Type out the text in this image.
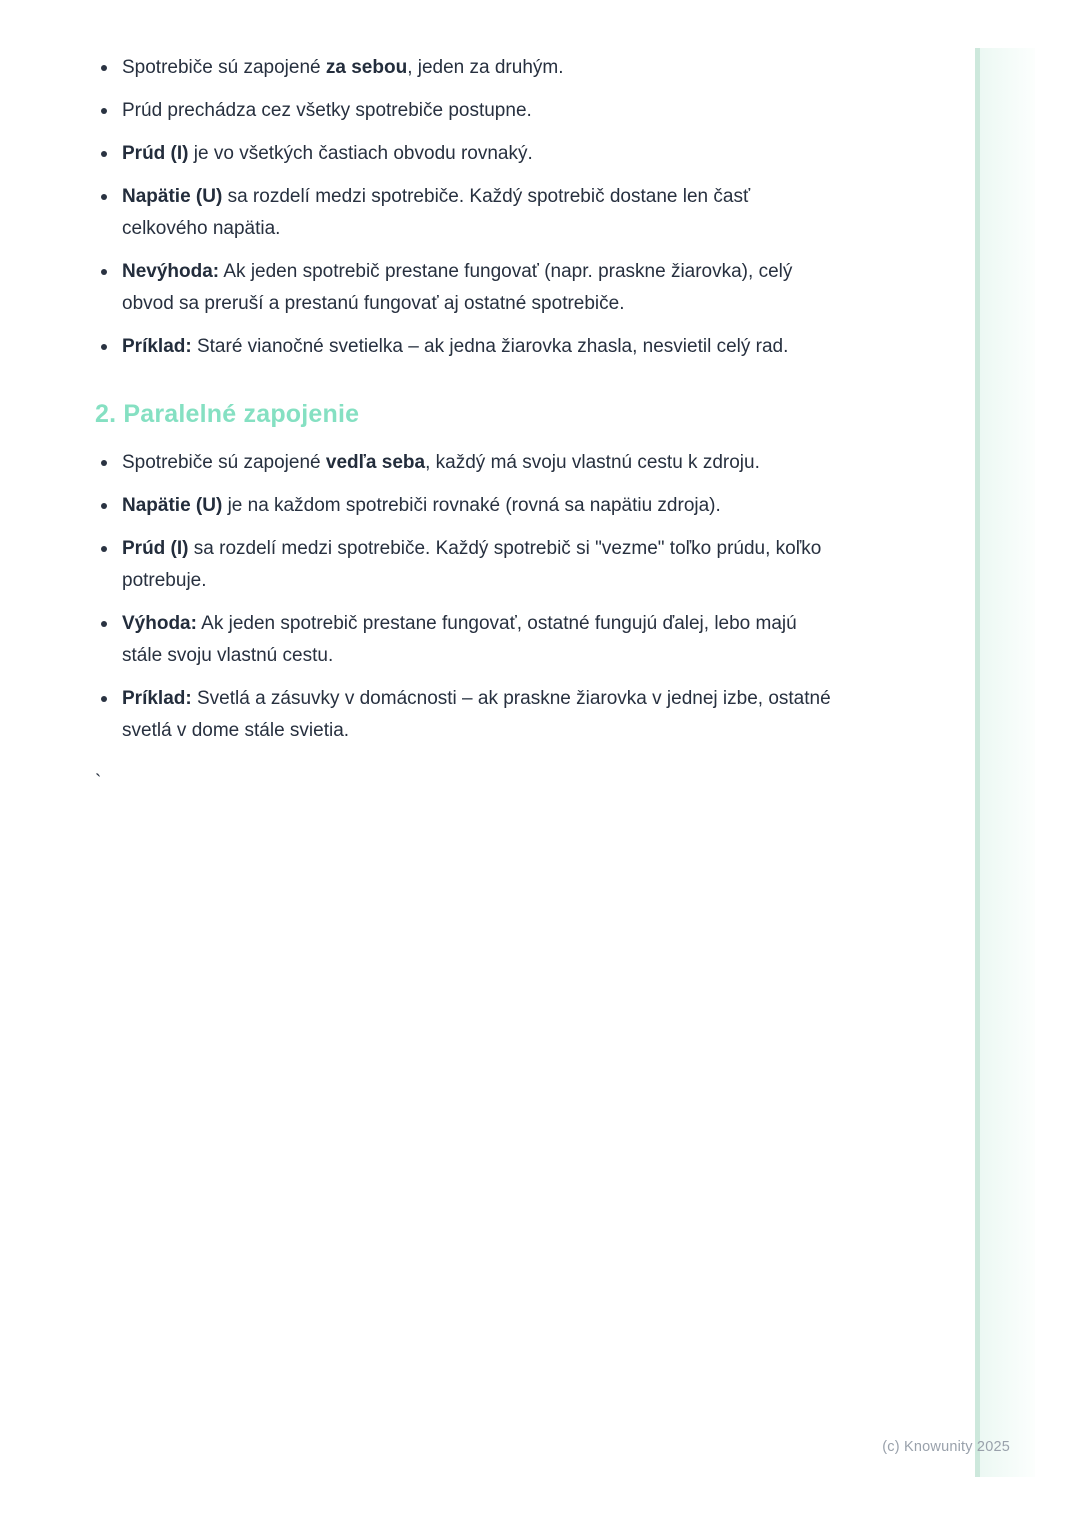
Spotrebiče sú zapojené za sebou, jeden za druhým.
Prúd prechádza cez všetky spotrebiče postupne.
Prúd (I) je vo všetkých častiach obvodu rovnaký.
Napätie (U) sa rozdelí medzi spotrebiče. Každý spotrebič dostane len časť celkového napätia.
Nevýhoda: Ak jeden spotrebič prestane fungovať (napr. praskne žiarovka), celý obvod sa preruší a prestanú fungovať aj ostatné spotrebiče.
Príklad: Staré vianočné svetielka – ak jedna žiarovka zhasla, nesvietil celý rad.
2. Paralelné zapojenie
Spotrebiče sú zapojené vedľa seba, každý má svoju vlastnú cestu k zdroju.
Napätie (U) je na každom spotrebiči rovnaké (rovná sa napätiu zdroja).
Prúd (I) sa rozdelí medzi spotrebiče. Každý spotrebič si "vezme" toľko prúdu, koľko potrebuje.
Výhoda: Ak jeden spotrebič prestane fungovať, ostatné fungujú ďalej, lebo majú stále svoju vlastnú cestu.
Príklad: Svetlá a zásuvky v domácnosti – ak praskne žiarovka v jednej izbe, ostatné svetlá v dome stále svietia.

`

(c) Knowunity 2025
